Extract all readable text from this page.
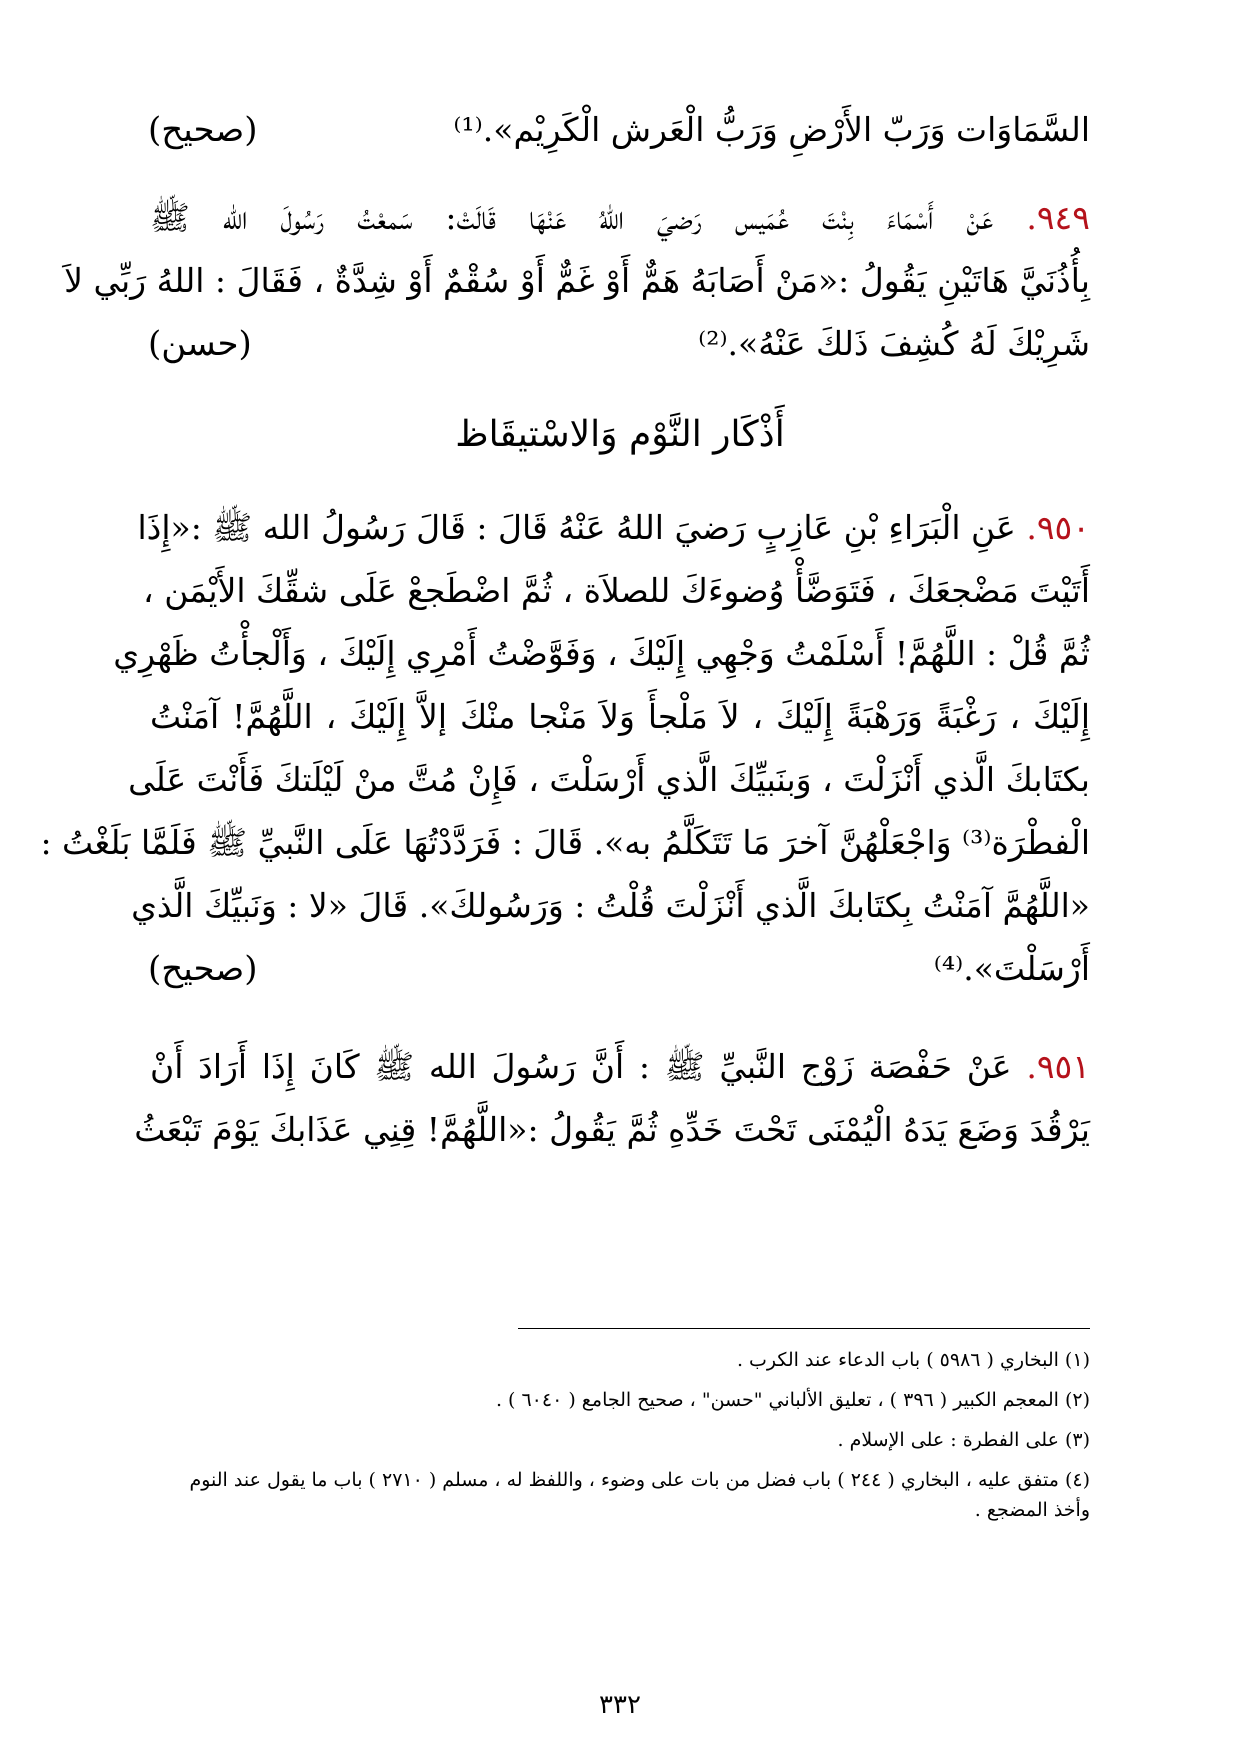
السَّمَاوَات وَرَبّ الأَرْضِ وَرَبُّ الْعَرش الْكَرِيْم».⁽¹⁾
(صحيح)
٩٤٩. عَنْ أَسْمَاءَ بِنْتَ عُمَيس رَضيَ اللهُ عَنْهَا قَالَتْ: سَمعْتُ رَسُولَ الله ﷺ
بِأُذُنَيَّ هَاتَيْنِ يَقُولُ :«مَنْ أَصَابَهُ هَمٌّ أَوْ غَمٌّ أَوْ سُقْمٌ أَوْ شِدَّةٌ ، فَقَالَ : اللهُ رَبِّي لاَ
شَرِيْكَ لَهُ كُشِفَ ذَلكَ عَنْهُ».⁽²⁾
(حسن)
أَذْكَار النَّوْم وَالاسْتيقَاظ
٩٥٠. عَنِ الْبَرَاءِ بْنِ عَازِبٍ رَضيَ اللهُ عَنْهُ قَالَ : قَالَ رَسُولُ الله ﷺ :«إِذَا
أَتَيْتَ مَضْجعَكَ ، فَتَوَضَّأْ وُضوءَكَ للصلاَة ، ثُمَّ اضْطَجعْ عَلَى شقِّكَ الأَيْمَن ،
ثُمَّ قُلْ : اللَّهُمَّ! أَسْلَمْتُ وَجْهِي إِلَيْكَ ، وَفَوَّضْتُ أَمْرِي إِلَيْكَ ، وَأَلْجأْتُ ظَهْرِي
إِلَيْكَ ، رَغْبَةً وَرَهْبَةً إِلَيْكَ ، لاَ مَلْجأَ وَلاَ مَنْجا منْكَ إلاَّ إِلَيْكَ ، اللَّهُمَّ! آمَنْتُ
بكتَابكَ الَّذي أَنْزَلْتَ ، وَبنَبيِّكَ الَّذي أَرْسَلْتَ ، فَإِنْ مُتَّ منْ لَيْلَتكَ فَأَنْتَ عَلَى
الْفطْرَة⁽³⁾ وَاجْعَلْهُنَّ آخرَ مَا تَتَكَلَّمُ به». قَالَ : فَرَدَّدْتُهَا عَلَى النَّبيِّ ﷺ فَلَمَّا بَلَغْتُ :
«اللَّهُمَّ آمَنْتُ بِكتَابكَ الَّذي أَنْزَلْتَ قُلْتُ : وَرَسُولكَ». قَالَ «لا : وَنَبيِّكَ الَّذي
أَرْسَلْتَ».⁽⁴⁾
(صحيح)
٩٥١. عَنْ حَفْصَة زَوْج النَّبيِّ ﷺ : أَنَّ رَسُولَ الله ﷺ كَانَ إِذَا أَرَادَ أَنْ
يَرْقُدَ وَضَعَ يَدَهُ الْيُمْنَى تَحْتَ خَدِّهِ ثُمَّ يَقُولُ :«اللَّهُمَّ! قِنِي عَذَابكَ يَوْمَ تَبْعَثُ
(١) البخاري ( ٥٩٨٦ ) باب الدعاء عند الكرب .
(٢) المعجم الكبير ( ٣٩٦ ) ، تعليق الألباني "حسن" ، صحيح الجامع ( ٦٠٤٠ ) .
(٣) على الفطرة : على الإسلام .
(٤) متفق عليه ، البخاري ( ٢٤٤ ) باب فضل من بات على وضوء ، واللفظ له ، مسلم ( ٢٧١٠ ) باب ما يقول عند النوم وأخذ المضجع .
٣٣٢
